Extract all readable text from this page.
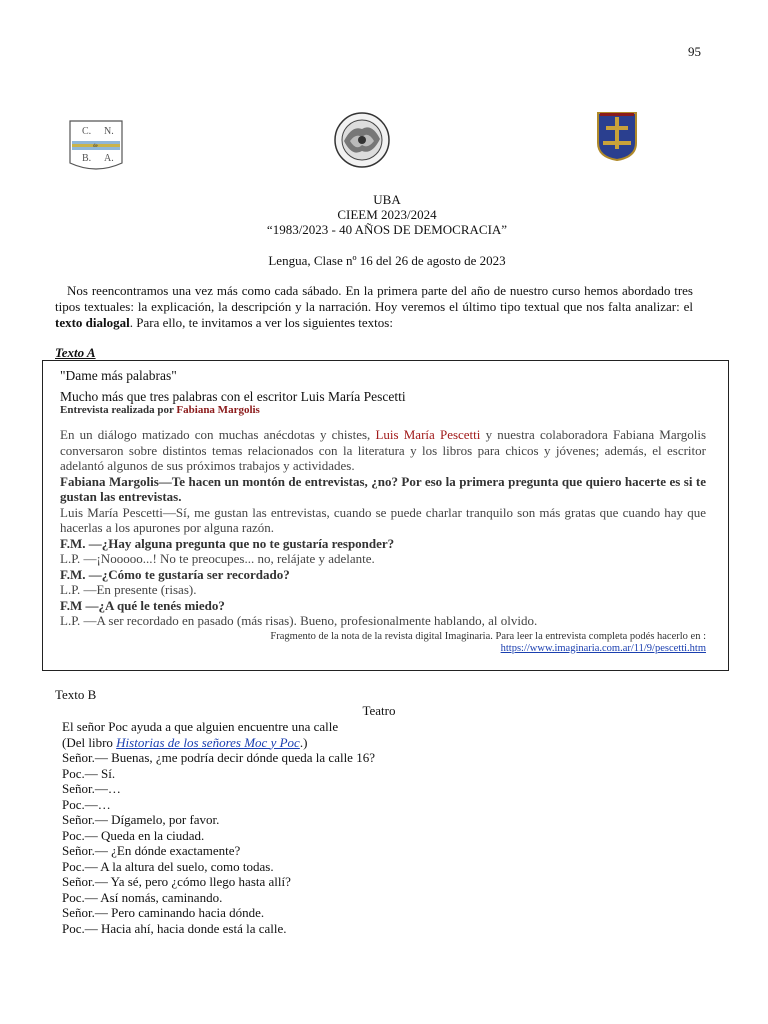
95
C. N.
de
B. A.
UBA
CIEEM 2023/2024
“1983/2023 - 40 AÑOS DE DEMOCRACIA”
Lengua, Clase nº 16 del 26 de agosto de 2023

Nos reencontramos una vez más como cada sábado. En la primera parte del año de nuestro curso hemos abordado tres tipos textuales: la explicación, la descripción y la narración. Hoy veremos el último tipo textual que nos falta analizar: el texto dialogal. Para ello, te invitamos a ver los siguientes textos:

Texto A
"Dame más palabras"
Mucho más que tres palabras con el escritor Luis María Pescetti
Entrevista realizada por Fabiana Margolis

En un diálogo matizado con muchas anécdotas y chistes, Luis María Pescetti y nuestra colaboradora Fabiana Margolis conversaron sobre distintos temas relacionados con la literatura y los libros para chicos y jóvenes; además, el escritor adelantó algunos de sus próximos trabajos y actividades.

Fabiana Margolis—Te hacen un montón de entrevistas, ¿no? Por eso la primera pregunta que quiero hacerte es si te gustan las entrevistas.

Luis María Pescetti—Sí, me gustan las entrevistas, cuando se puede charlar tranquilo son más gratas que cuando hay que hacerlas a los apurones por alguna razón.

F.M. —¿Hay alguna pregunta que no te gustaría responder?

L.P. —¡Nooooo...! No te preocupes... no, relájate y adelante.

F.M. —¿Cómo te gustaría ser recordado?

L.P. —En presente (risas).

F.M —¿A qué le tenés miedo?

L.P. —A ser recordado en pasado (más risas). Bueno, profesionalmente hablando, al olvido.

Fragmento de la nota de la revista digital Imaginaria. Para leer la entrevista completa podés hacerlo en :
https://www.imaginaria.com.ar/11/9/pescetti.htm
Texto B
Teatro
El señor Poc ayuda a que alguien encuentre una calle
(Del libro Historias de los señores Moc y Poc.)
Señor.— Buenas, ¿me podría decir dónde queda la calle 16?
Poc.— Sí.
Señor.—…
Poc.—…
Señor.— Dígamelo, por favor.
Poc.— Queda en la ciudad.
Señor.— ¿En dónde exactamente?
Poc.— A la altura del suelo, como todas.
Señor.— Ya sé, pero ¿cómo llego hasta allí?
Poc.— Así nomás, caminando.
Señor.— Pero caminando hacia dónde.
Poc.— Hacia ahí, hacia donde está la calle.
